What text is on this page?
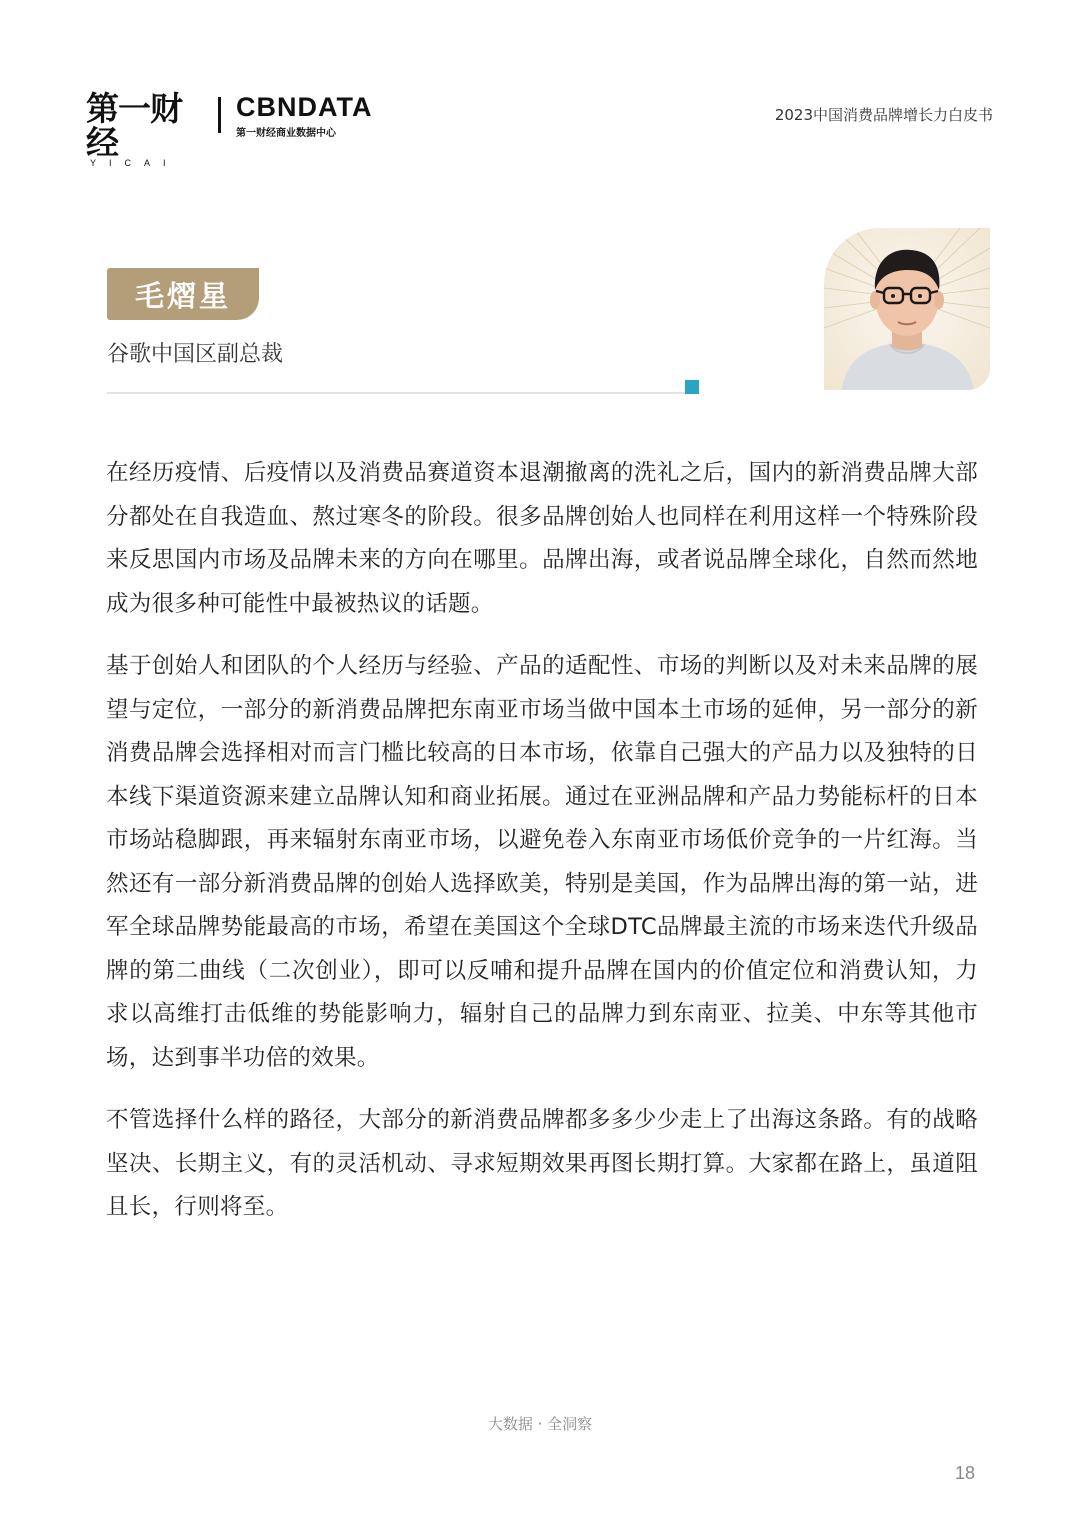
第一财经
YICAI
CBNDATA
第一财经商业数据中心
2023中国消费品牌增长力白皮书
毛熠星
谷歌中国区副总裁

在经历疫情、后疫情以及消费品赛道资本退潮撤离的洗礼之后，国内的新消费品牌大部分都处在自我造血、熬过寒冬的阶段。很多品牌创始人也同样在利用这样一个特殊阶段来反思国内市场及品牌未来的方向在哪里。品牌出海，或者说品牌全球化，自然而然地成为很多种可能性中最被热议的话题。

基于创始人和团队的个人经历与经验、产品的适配性、市场的判断以及对未来品牌的展望与定位，一部分的新消费品牌把东南亚市场当做中国本土市场的延伸，另一部分的新消费品牌会选择相对而言门槛比较高的日本市场，依靠自己强大的产品力以及独特的日本线下渠道资源来建立品牌认知和商业拓展。通过在亚洲品牌和产品力势能标杆的日本市场站稳脚跟，再来辐射东南亚市场，以避免卷入东南亚市场低价竞争的一片红海。当然还有一部分新消费品牌的创始人选择欧美，特别是美国，作为品牌出海的第一站，进军全球品牌势能最高的市场，希望在美国这个全球DTC品牌最主流的市场来迭代升级品牌的第二曲线（二次创业），即可以反哺和提升品牌在国内的价值定位和消费认知，力求以高维打击低维的势能影响力，辐射自己的品牌力到东南亚、拉美、中东等其他市场，达到事半功倍的效果。

不管选择什么样的路径，大部分的新消费品牌都多多少少走上了出海这条路。有的战略坚决、长期主义，有的灵活机动、寻求短期效果再图长期打算。大家都在路上，虽道阻且长，行则将至。

大数据 · 全洞察
18
